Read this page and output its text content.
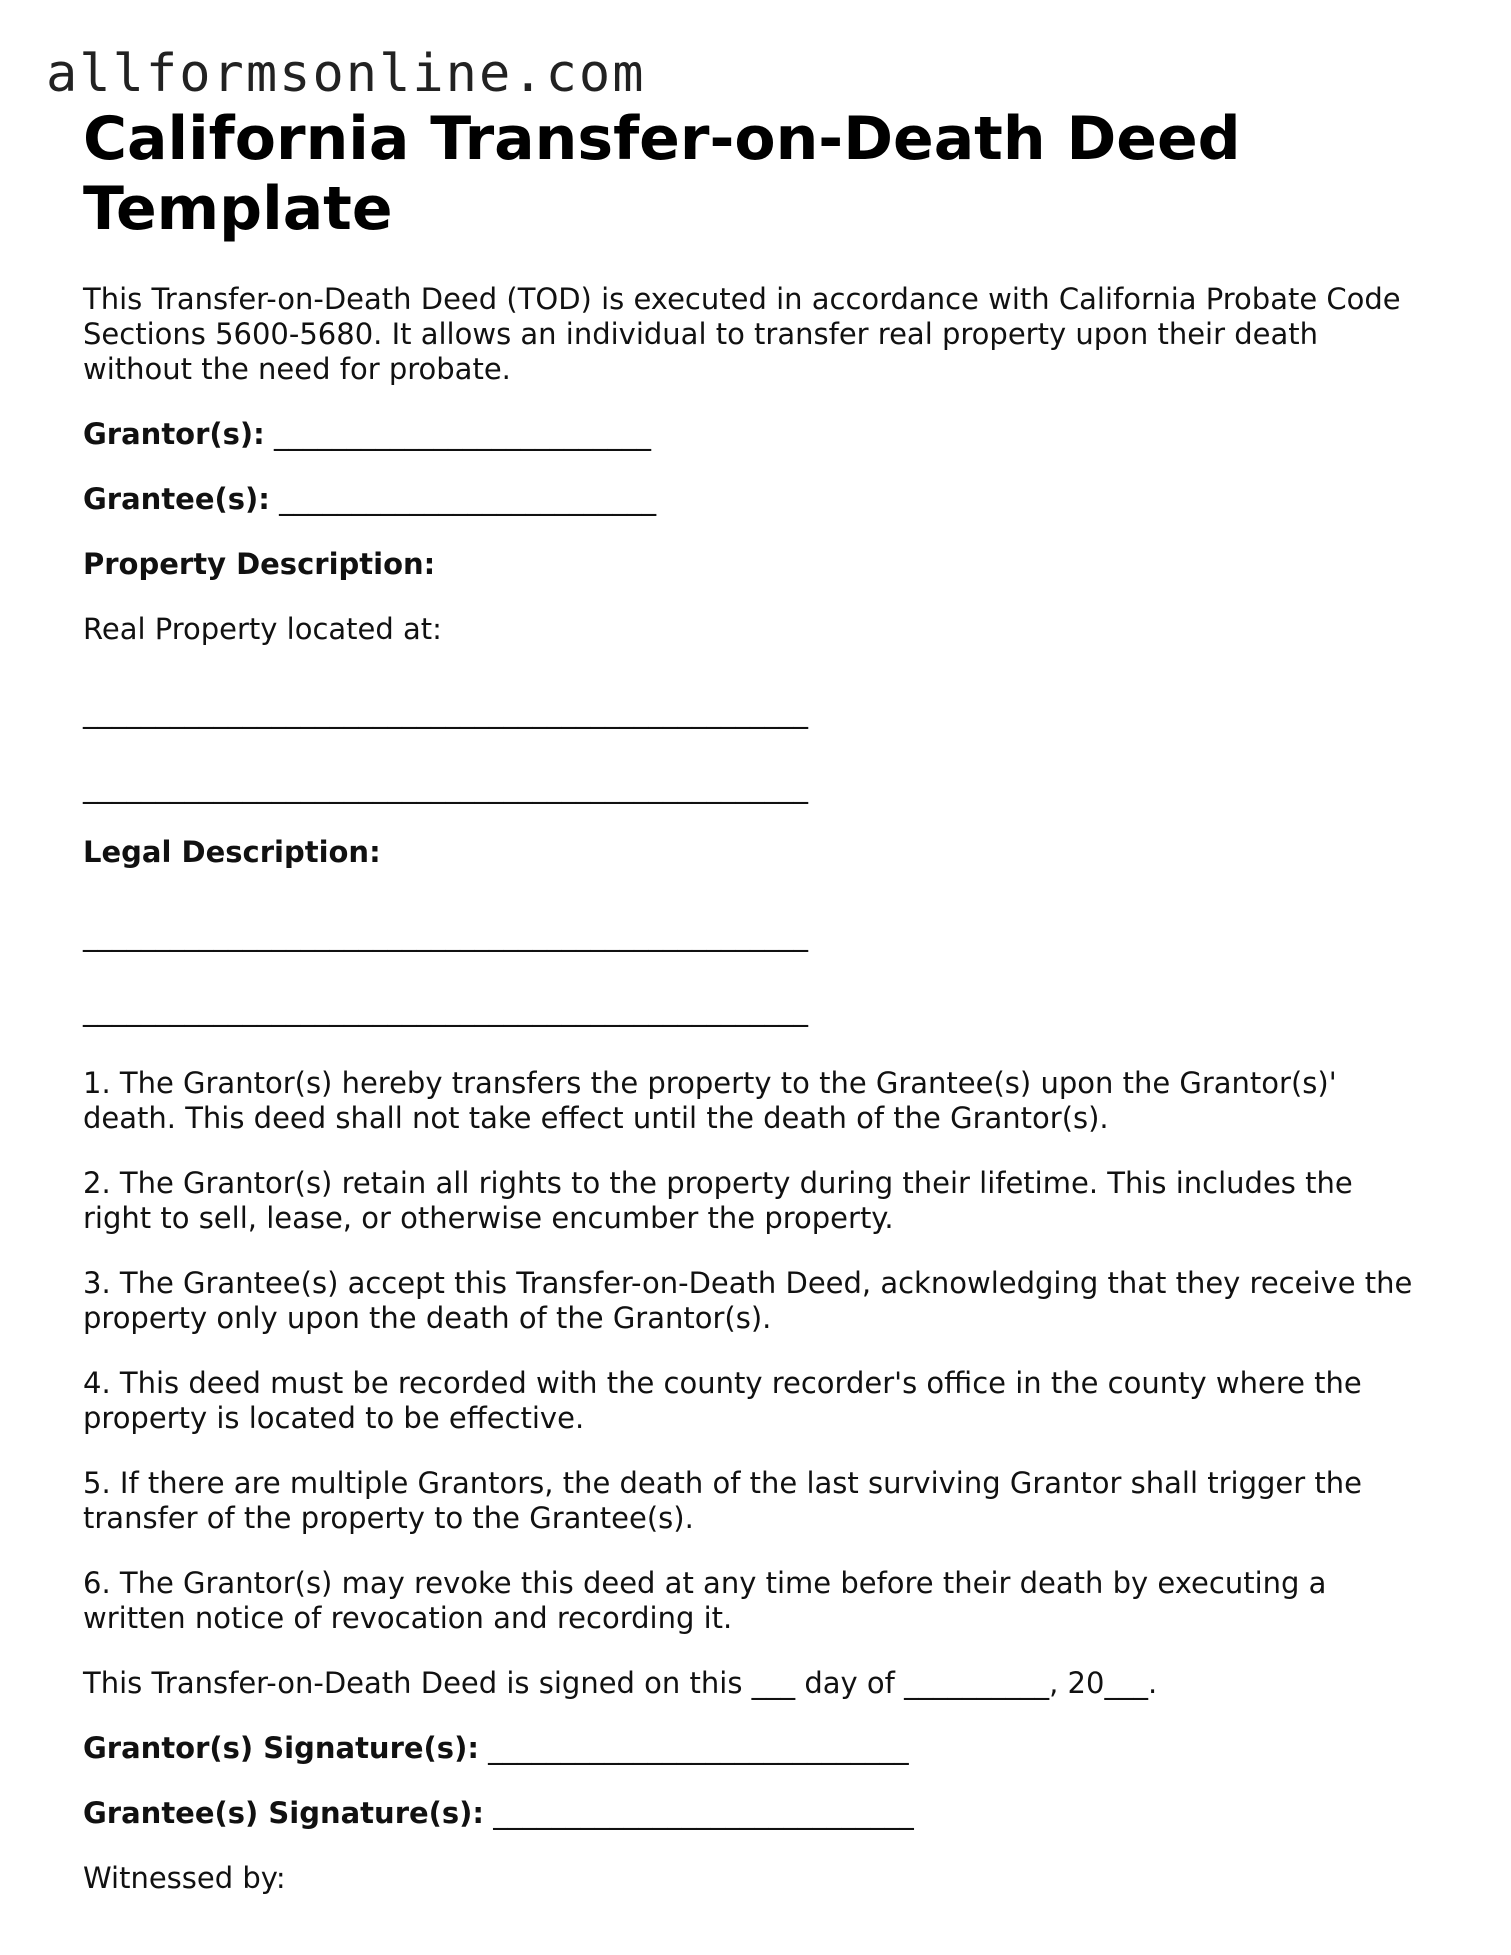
allformsonline.com
California Transfer-on-Death Deed Template

This Transfer-on-Death Deed (TOD) is executed in accordance with California Probate Code Sections 5600-5680. It allows an individual to transfer real property upon their death without the need for probate.

Grantor(s): __________________________
Grantee(s): __________________________
Property Description:
Real Property located at:
__________________________________________________
__________________________________________________
Legal Description:
__________________________________________________
__________________________________________________

1. The Grantor(s) hereby transfers the property to the Grantee(s) upon the Grantor(s)' death. This deed shall not take effect until the death of the Grantor(s).

2. The Grantor(s) retain all rights to the property during their lifetime. This includes the right to sell, lease, or otherwise encumber the property.

3. The Grantee(s) accept this Transfer-on-Death Deed, acknowledging that they receive the property only upon the death of the Grantor(s).

4. This deed must be recorded with the county recorder's office in the county where the property is located to be effective.

5. If there are multiple Grantors, the death of the last surviving Grantor shall trigger the transfer of the property to the Grantee(s).

6. The Grantor(s) may revoke this deed at any time before their death by executing a written notice of revocation and recording it.

This Transfer-on-Death Deed is signed on this ___ day of __________, 20___.

Grantor(s) Signature(s): _____________________________
Grantee(s) Signature(s): _____________________________

Witnessed by:
